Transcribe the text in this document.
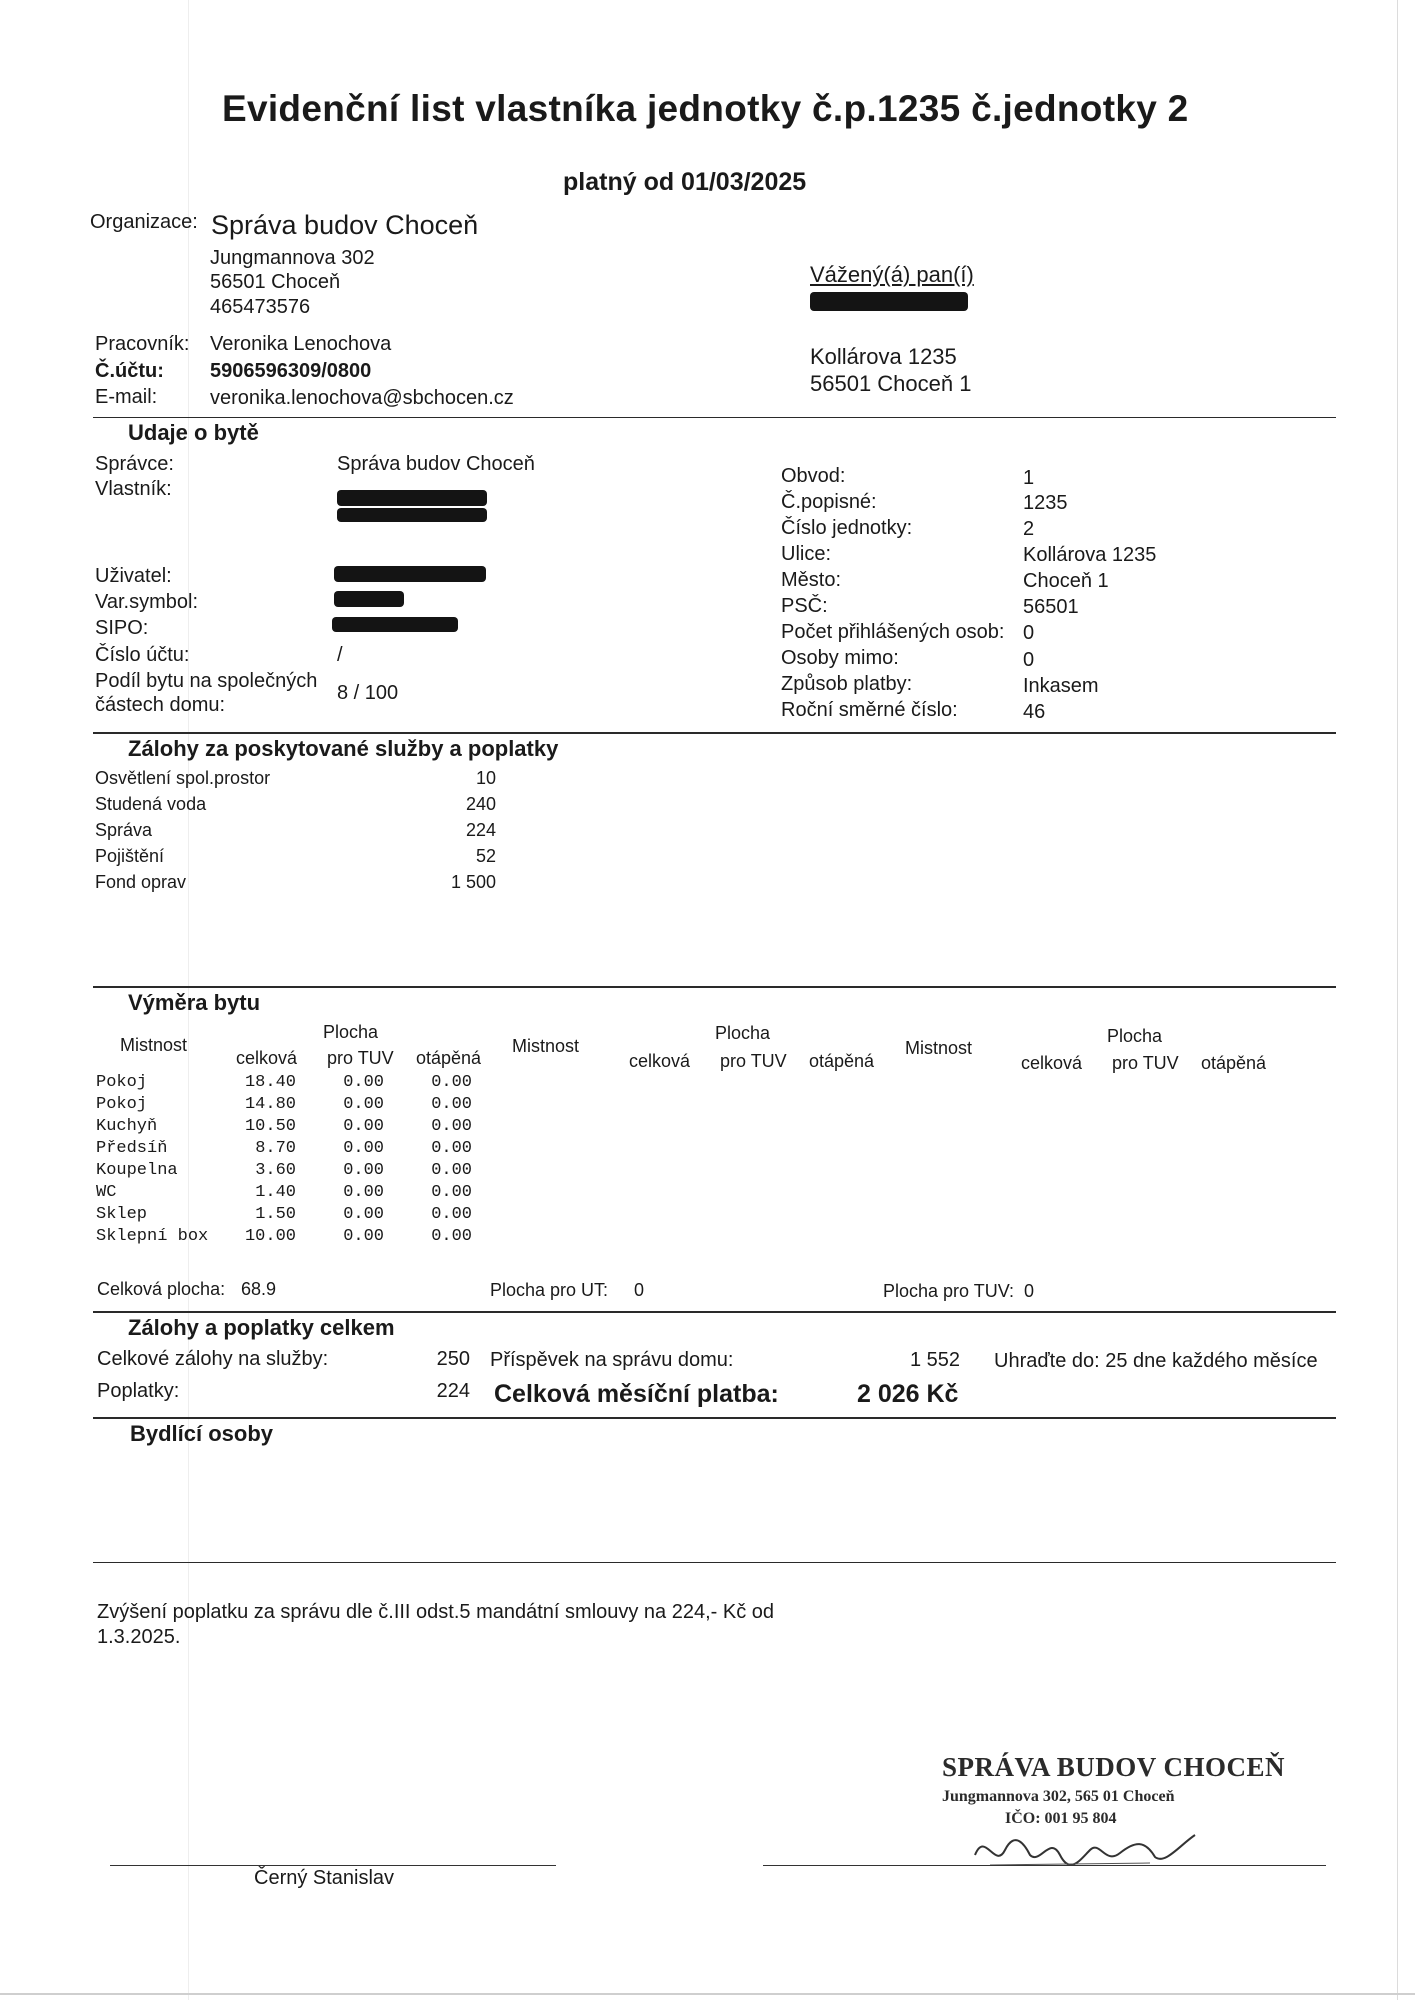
Evidenční list vlastníka jednotky č.p.1235 č.jednotky 2
platný od 01/03/2025
Organizace: Správa budov Choceň
Jungmannova 302
56501 Choceň
465473576
Pracovník: Veronika Lenochova
Č.účtu: 5906596309/0800
E-mail:	veronika.lenochova@sbchocen.cz
Vážený(á) pan(í)
Kollárova 1235
56501 Choceň 1
Udaje o bytě
Správce:	Správa budov Choceň
Vlastník:
Uživatel:
Var.symbol:
SIPO:
Číslo účtu:	/
Podíl bytu na společných
částech domu:
8 / 100
Obvod:	1
Č.popisné:	1235
Číslo jednotky:	2
Ulice:	Kollárova 1235
Město:	Choceň 1
PSČ:	56501
Počet přihlášených osob: 0
Osoby mimo:	0
Způsob platby:	Inkasem
Roční směrné číslo:	46
Zálohy za poskytované služby a poplatky
Osvětlení spol.prostor	10
Studená voda	240
Správa	224
Pojištění	52
Fond oprav	1 500
Výměra bytu
Mistnost
Plocha
celková pro TUV otápěná
Mistnost
Plocha
celková pro TUV otápěná
Mistnost
Plocha
celková pro TUV otápěná
Pokoj	18.40	0.00	0.00
Pokoj	14.80	0.00	0.00
Kuchyň	10.50	0.00	0.00
Předsíň	8.70	0.00	0.00
Koupelna	3.60	0.00	0.00
WC	1.40	0.00	0.00
Sklep	1.50	0.00	0.00
Sklepní box	10.00	0.00	0.00
Celková plocha: 68.9	Plocha pro UT: 0	Plocha pro TUV: 0
Zálohy a poplatky celkem
Celkové zálohy na služby:	250
Poplatky:	224
Příspěvek na správu domu:	1 552 Uhraďte do: 25 dne každého měsíce
Celková měsíční platba:	2 026 Kč
Bydlící osoby
Zvýšení poplatku za správu dle č.III odst.5 mandátní smlouvy na 224,- Kč od
1.3.2025.
SPRÁVA BUDOV CHOCEŇ
Jungmannova 302, 565 01 Choceň
IČO: 001 95 804
Černý Stanislav
